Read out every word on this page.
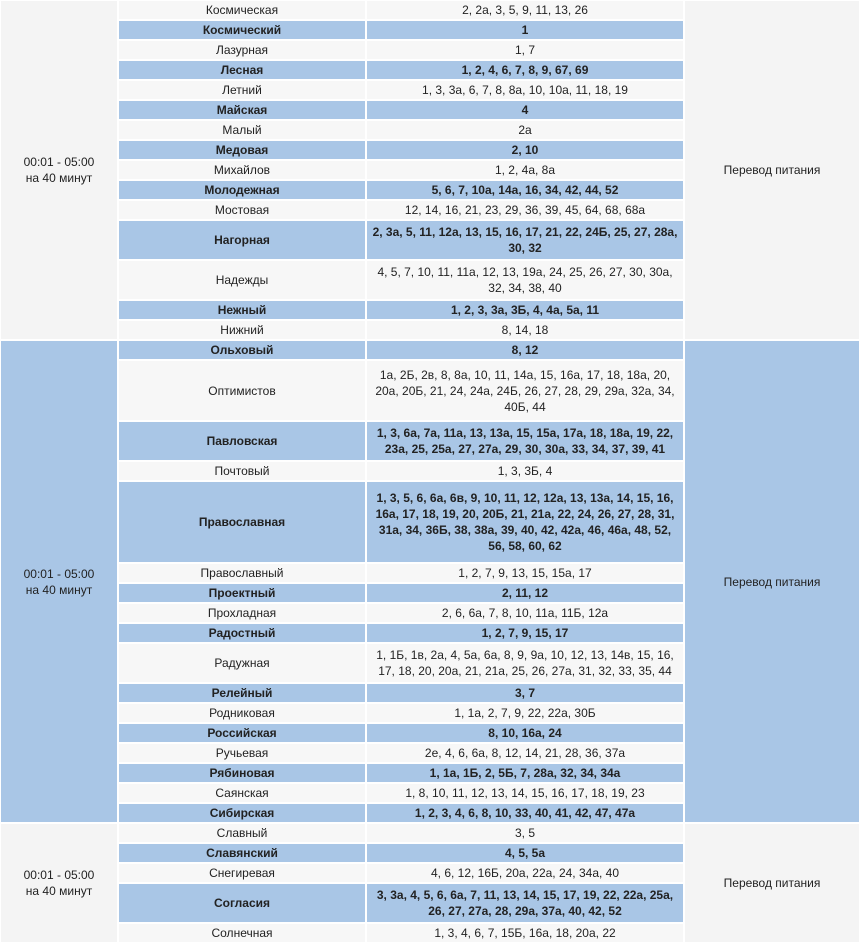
00:01 - 05:00
на 40 минут	Космическая	2, 2а, 3, 5, 9, 11, 13, 26	Перевод питания
	Космический	1	
	Лазурная	1, 7	
	Лесная	1, 2, 4, 6, 7, 8, 9, 67, 69	
	Летний	1, 3, 3а, 6, 7, 8, 8а, 10, 10а, 11, 18, 19	
	Майская	4	
	Малый	2а	
	Медовая	2, 10	
	Михайлов	1, 2, 4а, 8а	
	Молодежная	5, 6, 7, 10а, 14а, 16, 34, 42, 44, 52	
	Мостовая	12, 14, 16, 21, 23, 29, 36, 39, 45, 64, 68, 68а	
	Нагорная	2, 3а, 5, 11, 12а, 13, 15, 16, 17, 21, 22, 24Б, 25, 27, 28а, 30, 32	
	Надежды	4, 5, 7, 10, 11, 11а, 12, 13, 19а, 24, 25, 26, 27, 30, 30а, 32, 34, 38, 40	
	Нежный	1, 2, 3, 3а, 3Б, 4, 4а, 5а, 11	
	Нижний	8, 14, 18	
00:01 - 05:00
на 40 минут	Ольховый	8, 12	Перевод питания
	Оптимистов	1а, 2Б, 2в, 8, 8а, 10, 11, 14а, 15, 16а, 17, 18, 18а, 20, 20а, 20Б, 21, 24, 24а, 24Б, 26, 27, 28, 29, 29а, 32а, 34, 40Б, 44	
	Павловская	1, 3, 6а, 7а, 11а, 13, 13а, 15, 15а, 17а, 18, 18а, 19, 22, 23а, 25, 25а, 27, 27а, 29, 30, 30а, 33, 34, 37, 39, 41	
	Почтовый	1, 3, 3Б, 4	
	Православная	1, 3, 5, 6, 6а, 6в, 9, 10, 11, 12, 12а, 13, 13а, 14, 15, 16, 16а, 17, 18, 19, 20, 20Б, 21, 21а, 22, 24, 26, 27, 28, 31, 31а, 34, 36Б, 38, 38а, 39, 40, 42, 42а, 46, 46а, 48, 52, 56, 58, 60, 62	
	Православный	1, 2, 7, 9, 13, 15, 15а, 17	
	Проектный	2, 11, 12	
	Прохладная	2, 6, 6а, 7, 8, 10, 11а, 11Б, 12а	
	Радостный	1, 2, 7, 9, 15, 17	
	Радужная	1, 1Б, 1в, 2а, 4, 5а, 6а, 8, 9, 9а, 10, 12, 13, 14в, 15, 16, 17, 18, 20, 20а, 21, 21а, 25, 26, 27а, 31, 32, 33, 35, 44	
	Релейный	3, 7	
	Родниковая	1, 1а, 2, 7, 9, 22, 22а, 30Б	
	Российская	8, 10, 16а, 24	
	Ручьевая	2е, 4, 6, 6а, 8, 12, 14, 21, 28, 36, 37а	
	Рябиновая	1, 1а, 1Б, 2, 5Б, 7, 28а, 32, 34, 34а	
	Саянская	1, 8, 10, 11, 12, 13, 14, 15, 16, 17, 18, 19, 23	
	Сибирская	1, 2, 3, 4, 6, 8, 10, 33, 40, 41, 42, 47, 47а	
00:01 - 05:00
на 40 минут	Славный	3, 5	Перевод питания
	Славянский	4, 5, 5а	
	Снегиревая	4, 6, 12, 16Б, 20а, 22а, 24, 34а, 40	
	Согласия	3, 3а, 4, 5, 6, 6а, 7, 11, 13, 14, 15, 17, 19, 22, 22а, 25а, 26, 27, 27а, 28, 29а, 37а, 40, 42, 52	
	Солнечная	1, 3, 4, 6, 7, 15Б, 16а, 18, 20а, 22	
